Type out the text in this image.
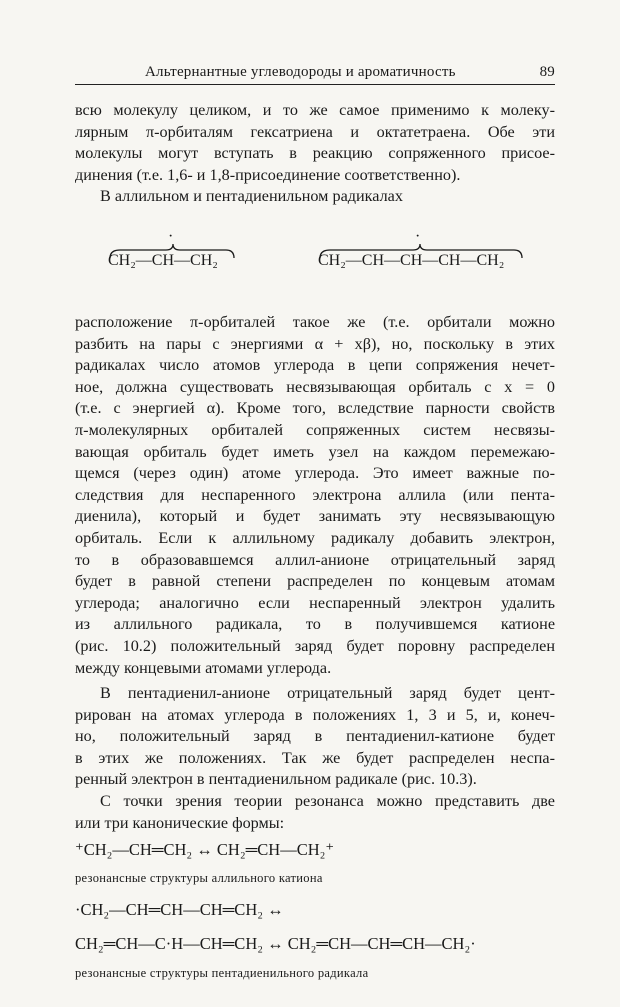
Альтернантные углеводороды и ароматичность	89
всю молекулу целиком, и то же самое применимо к молеку-
лярным π-орбиталям гексатриена и октатетраена. Обе эти
молекулы могут вступать в реакцию сопряженного присое-
динения (т.е. 1,6- и 1,8-присоединение соответственно).
В аллильном и пентадиенильном радикалах
·
CH₂—CH—CH₂
·
CH₂—CH—CH—CH—CH₂
расположение π-орбиталей такое же (т.е. орбитали можно
разбить на пары с энергиями α + xβ), но, поскольку в этих
радикалах число атомов углерода в цепи сопряжения нечет-
ное, должна существовать несвязывающая орбиталь с x = 0
(т.е. с энергией α). Кроме того, вследствие парности свойств
π-молекулярных орбиталей сопряженных систем несвязы-
вающая орбиталь будет иметь узел на каждом перемежаю-
щемся (через один) атоме углерода. Это имеет важные по-
следствия для неспаренного электрона аллила (или пента-
диенила), который и будет занимать эту несвязывающую
орбиталь. Если к аллильному радикалу добавить электрон,
то в образовавшемся аллил-анионе отрицательный заряд
будет в равной степени распределен по концевым атомам
углерода; аналогично если неспаренный электрон удалить
из аллильного радикала, то в получившемся катионе
(рис. 10.2) положительный заряд будет поровну распределен
между концевыми атомами углерода.
В пентадиенил-анионе отрицательный заряд будет цент-
рирован на атомах углерода в положениях 1, 3 и 5, и, конеч-
но, положительный заряд в пентадиенил-катионе будет
в этих же положениях. Так же будет распределен неспа-
ренный электрон в пентадиенильном радикале (рис. 10.3).
С точки зрения теории резонанса можно представить две
или три канонические формы:
⁺CH₂—CH═CH₂ ↔ CH₂═CH—CH₂⁺
резонансные структуры аллильного катиона
·CH₂—CH═CH—CH═CH₂ ↔
CH₂═CH—C·H—CH═CH₂ ↔ CH₂═CH—CH═CH—CH₂·
резонансные структуры пентадиенильного радикала
